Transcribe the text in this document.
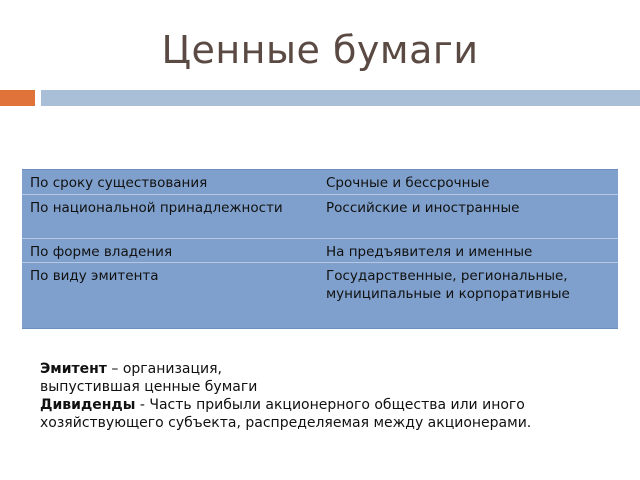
Ценные бумаги
По сроку существования	Срочные и бессрочные
По национальной принадлежности	Российские и иностранные
По форме владения	На предъявителя и именные
По виду эмитента	Государственные, региональные, муниципальные и корпоративные
Эмитент – организация, выпустившая ценные бумаги
Дивиденды - Часть прибыли акционерного общества или иного хозяйствующего субъекта, распределяемая между акционерами.
